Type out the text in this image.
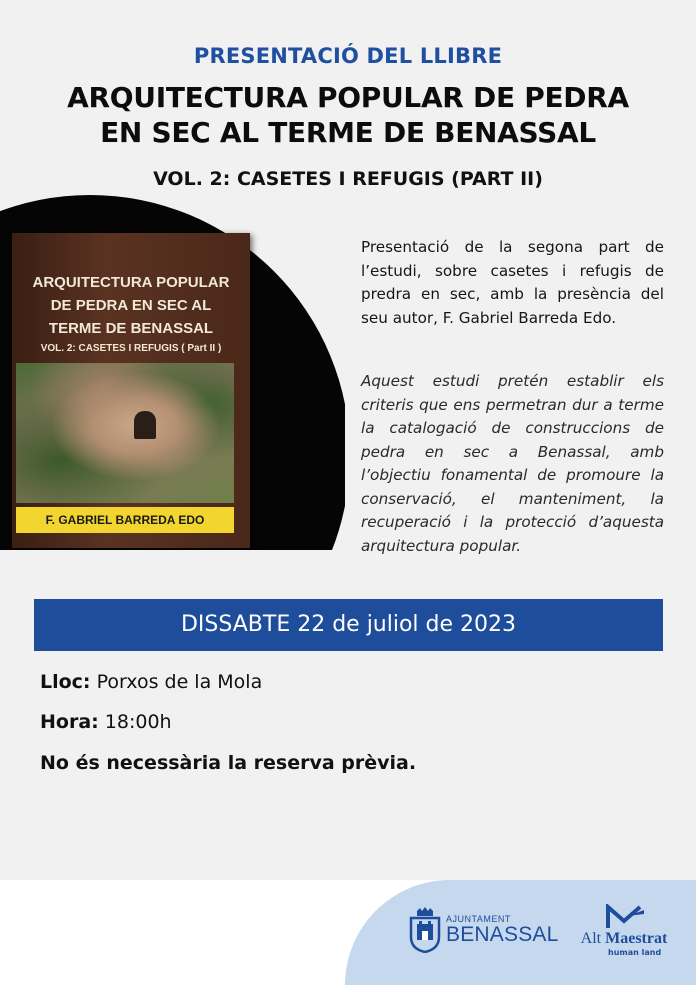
PRESENTACIÓ DEL LLIBRE
ARQUITECTURA POPULAR DE PEDRA
EN SEC AL TERME DE BENASSAL
VOL. 2: CASETES I REFUGIS (PART II)
ARQUITECTURA POPULAR
DE PEDRA EN SEC AL
TERME DE BENASSAL
VOL. 2: CASETES I REFUGIS ( Part II )
F. GABRIEL BARREDA EDO

Presentació de la segona part de l’estudi, sobre casetes i refugis de predra en sec, amb la presència del seu autor, F. Gabriel Barreda Edo.

Aquest estudi pretén establir els criteris que ens permetran dur a terme la catalogació de construccions de pedra en sec a Benassal, amb l’objectiu fonamental de promoure la conservació, el manteniment, la recuperació i la protecció d’aquesta arquitectura popular.

DISSABTE 22 de juliol de 2023
Lloc: Porxos de la Mola
Hora: 18:00h
No és necessària la reserva prèvia.
AJUNTAMENT
BENASSAL	Alt Maestrat
human land
